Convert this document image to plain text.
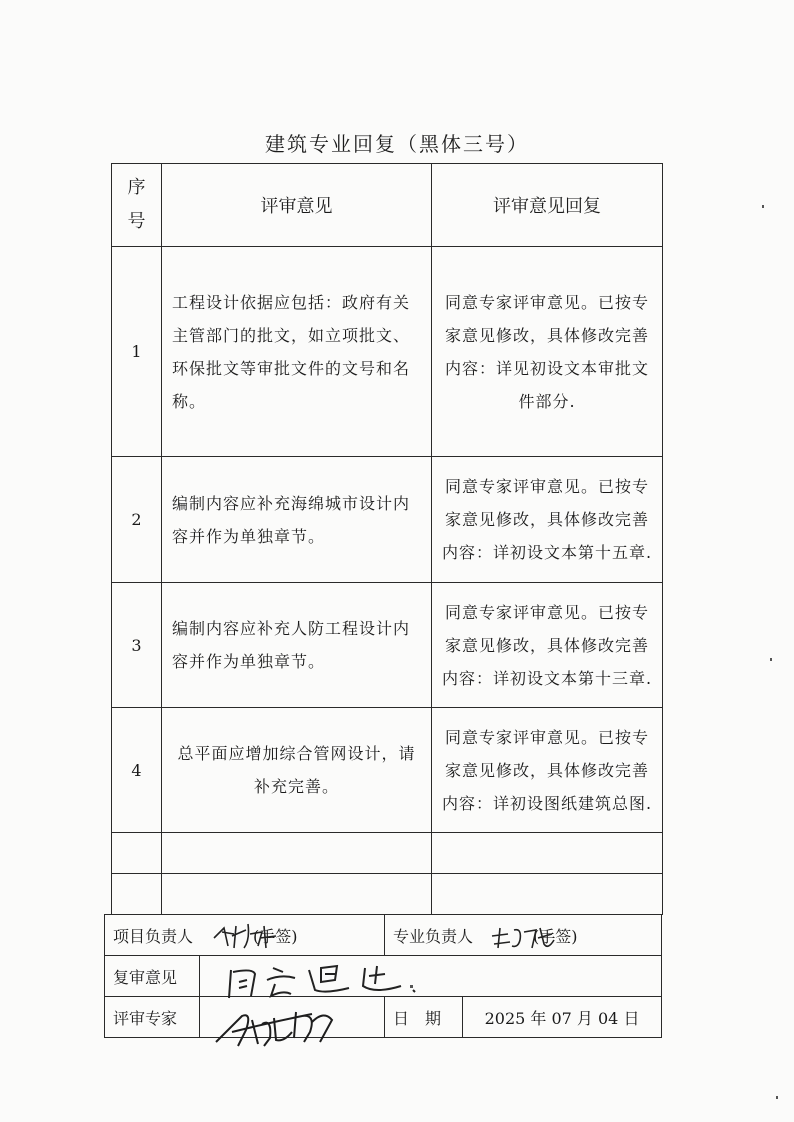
建筑专业回复（黑体三号）
序号	评审意见	评审意见回复
1	工程设计依据应包括：政府有关主管部门的批文，如立项批文、环保批文等审批文件的文号和名称。	同意专家评审意见。已按专家意见修改，具体修改完善内容：详见初设文本审批文件部分.
2	编制内容应补充海绵城市设计内容并作为单独章节。	同意专家评审意见。已按专家意见修改，具体修改完善内容：详初设文本第十五章.
3	编制内容应补充人防工程设计内容并作为单独章节。	同意专家评审意见。已按专家意见修改，具体修改完善内容：详初设文本第十三章.
4	总平面应增加综合管网设计，请补充完善。	同意专家评审意见。已按专家意见修改，具体修改完善内容：详初设图纸建筑总图.

项目负责人 (手签)		专业负责人 (手签)	
复审意见			
评审专家		日　期	2025 年 07 月 04 日
